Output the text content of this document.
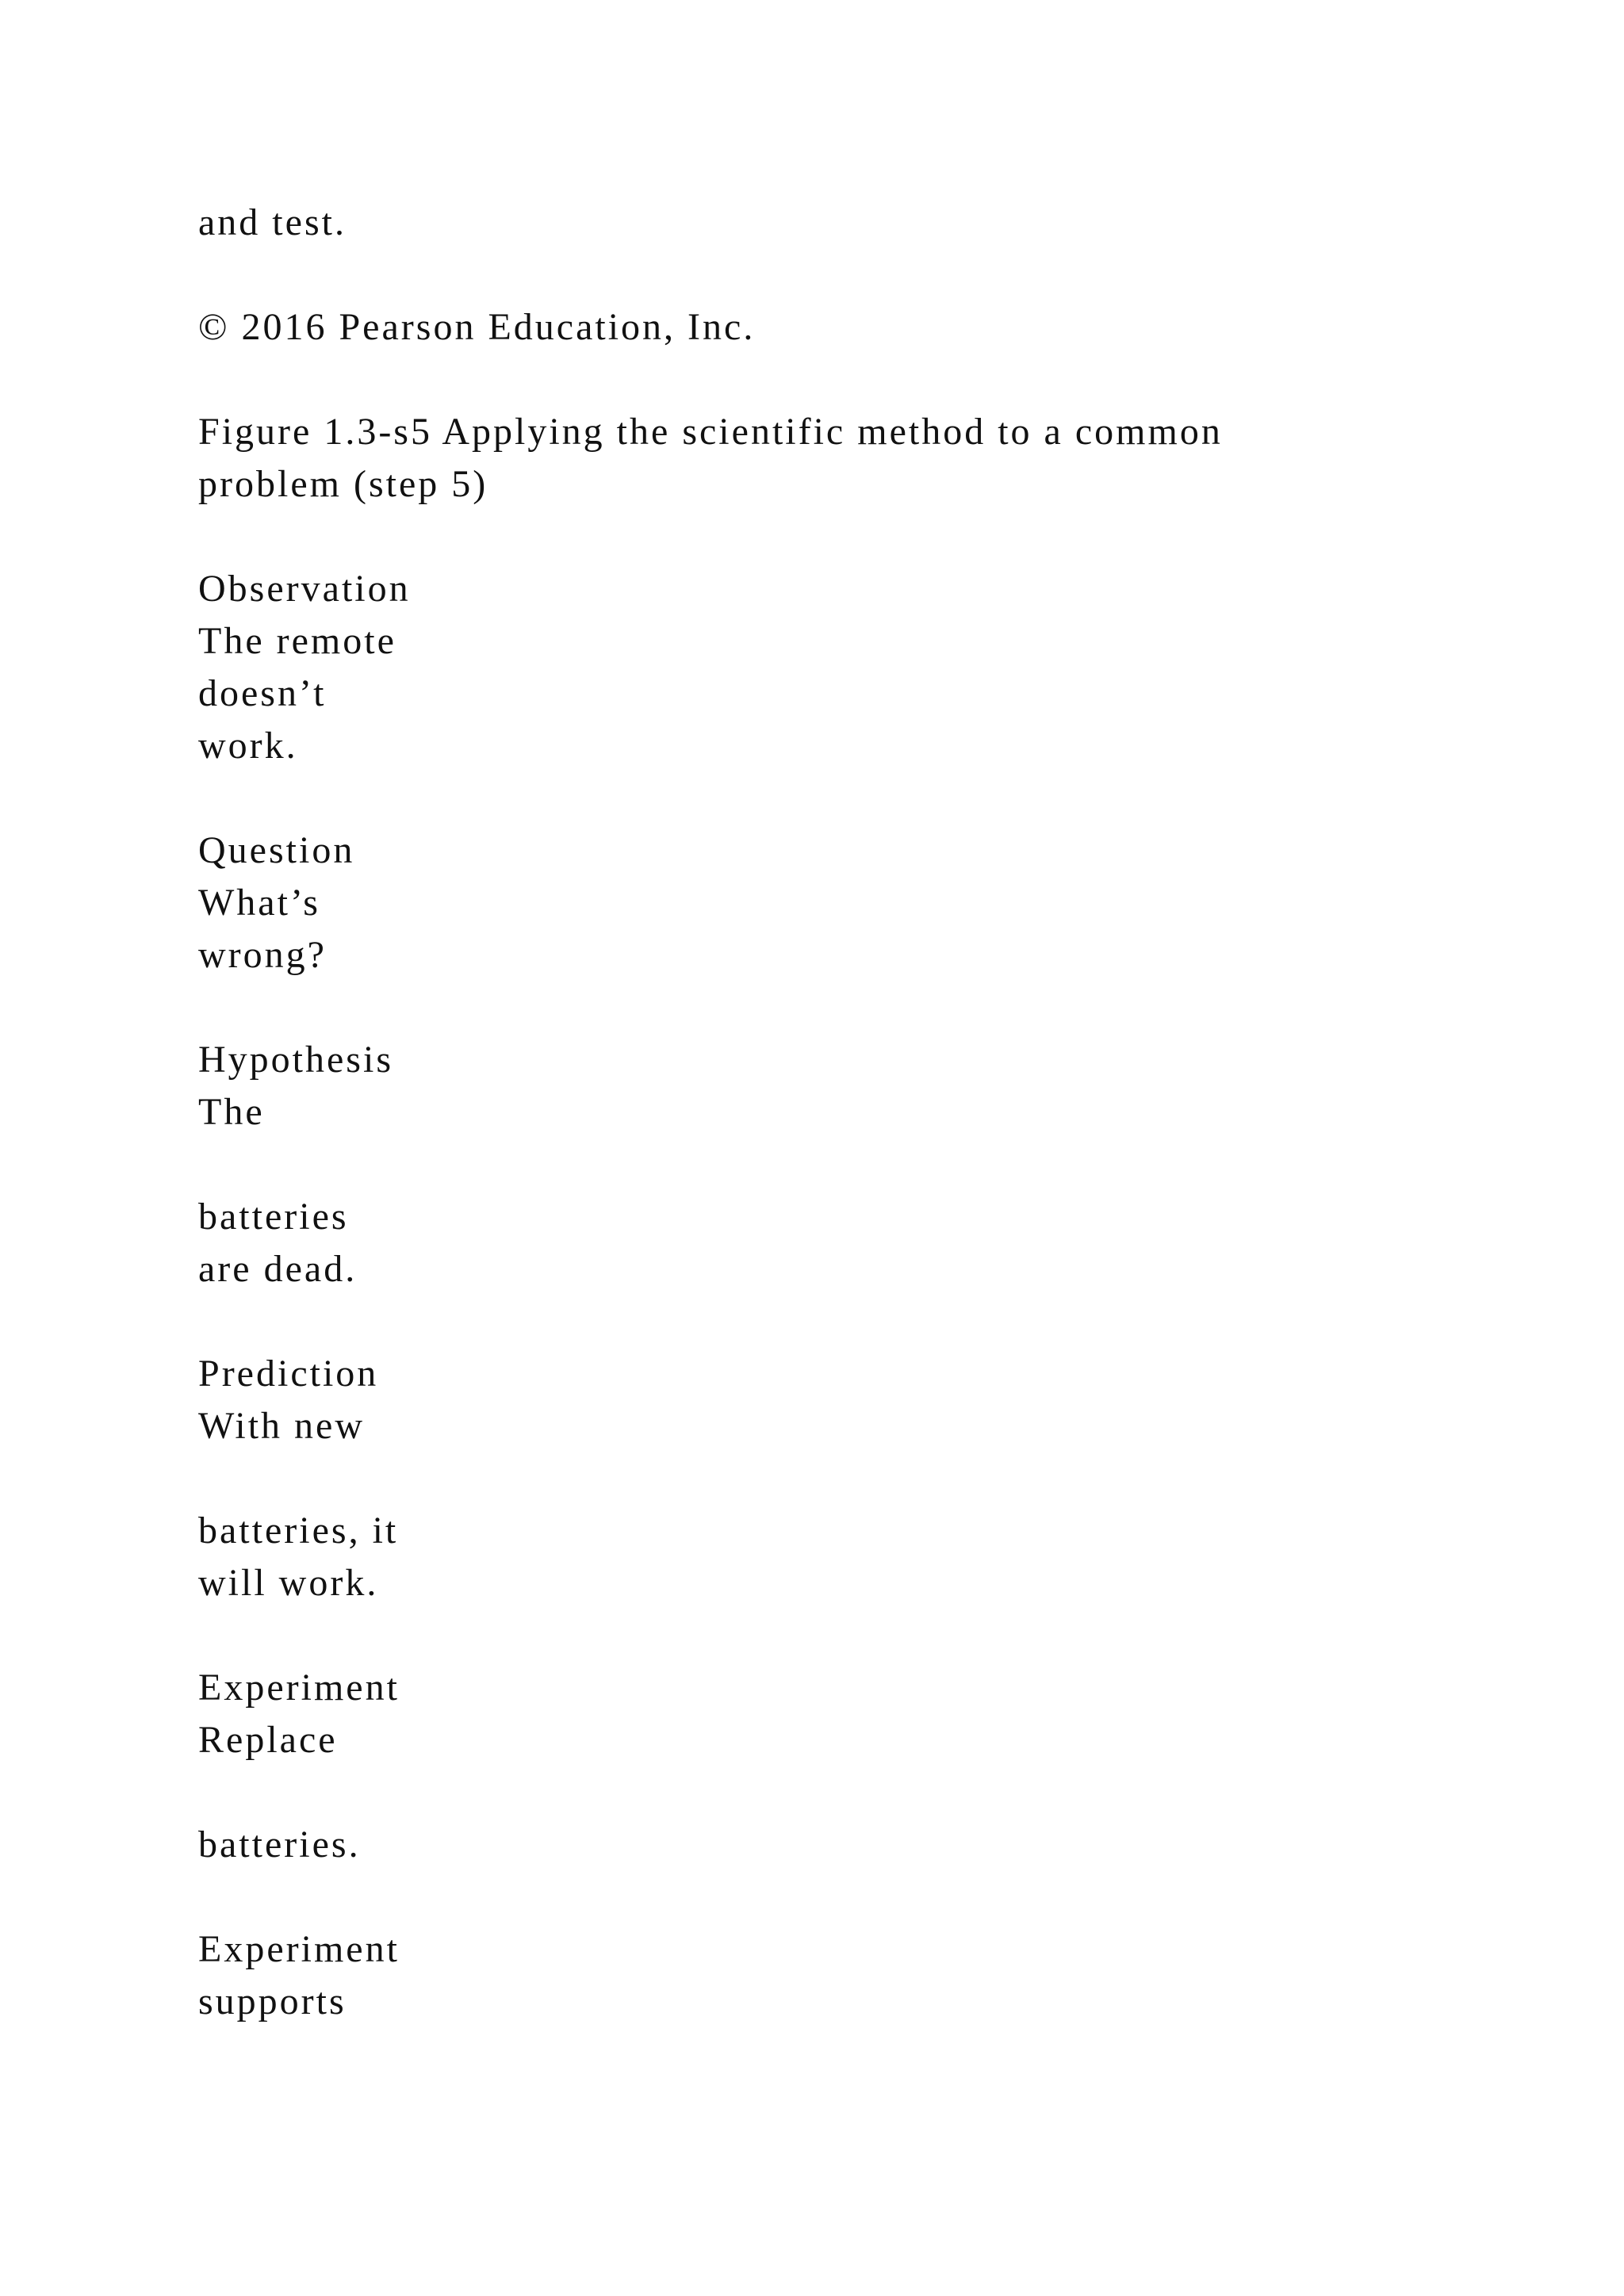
and test.
© 2016 Pearson Education, Inc.
Figure 1.3-s5 Applying the scientific method to a common
problem (step 5)
Observation
The remote
doesn’t
work.
Question
What’s
wrong?
Hypothesis
The
batteries
are dead.
Prediction
With new
batteries, it
will work.
Experiment
Replace
batteries.
Experiment
supports
